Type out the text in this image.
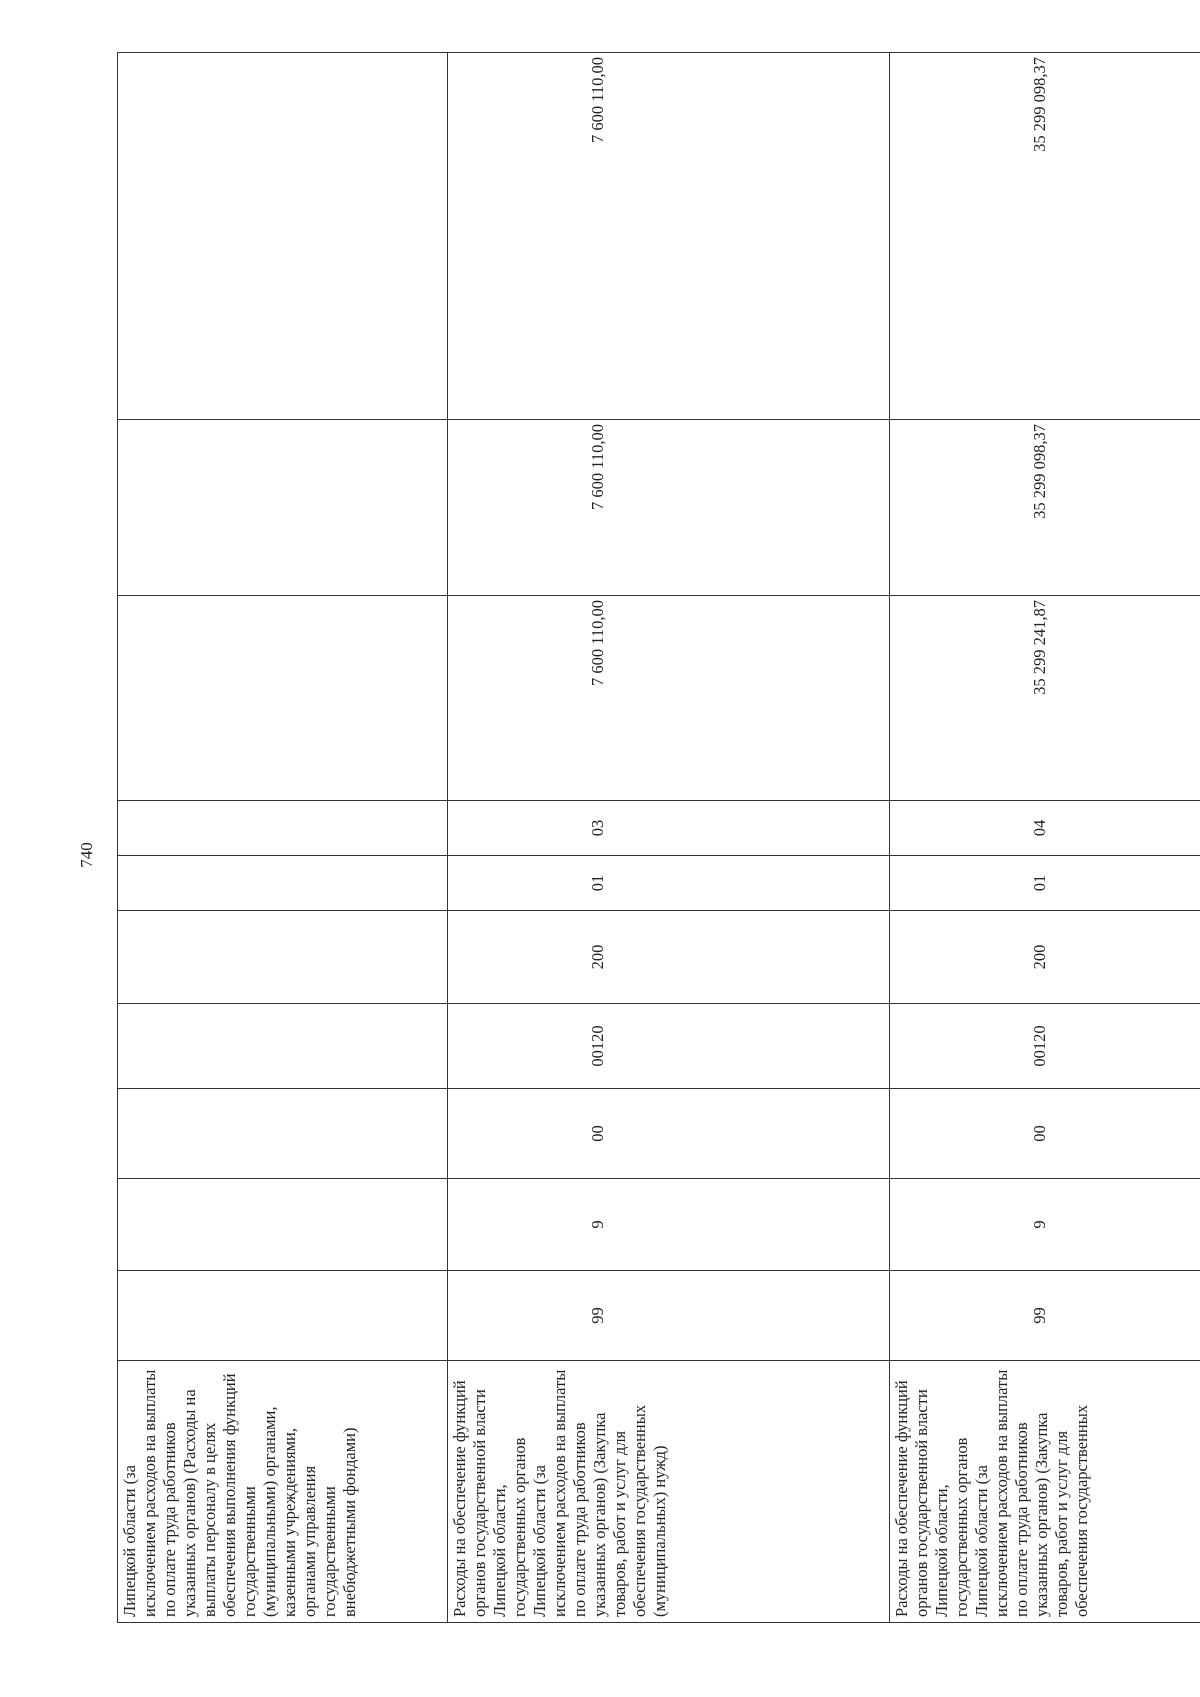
740
Липецкой области (за исключением расходов на выплаты по оплате труда работников указанных органов) (Расходы на выплаты персоналу в целях обеспечения выполнения функций государственными (муниципальными) органами, казенными учреждениями, органами управления государственными внебюджетными фондами)										
Расходы на обеспечение функций органов государственной власти Липецкой области, государственных органов Липецкой области (за исключением расходов на выплаты по оплате труда работников указанных органов) (Закупка товаров, работ и услуг для обеспечения государственных (муниципальных) нужд)	99	9	00	00120	200	01	03	7 600 110,00	7 600 110,00	7 600 110,00
Расходы на обеспечение функций органов государственной власти Липецкой области, государственных органов Липецкой области (за исключением расходов на выплаты по оплате труда работников указанных органов) (Закупка товаров, работ и услуг для обеспечения государственных	99	9	00	00120	200	01	04	35 299 241,87	35 299 098,37	35 299 098,37
